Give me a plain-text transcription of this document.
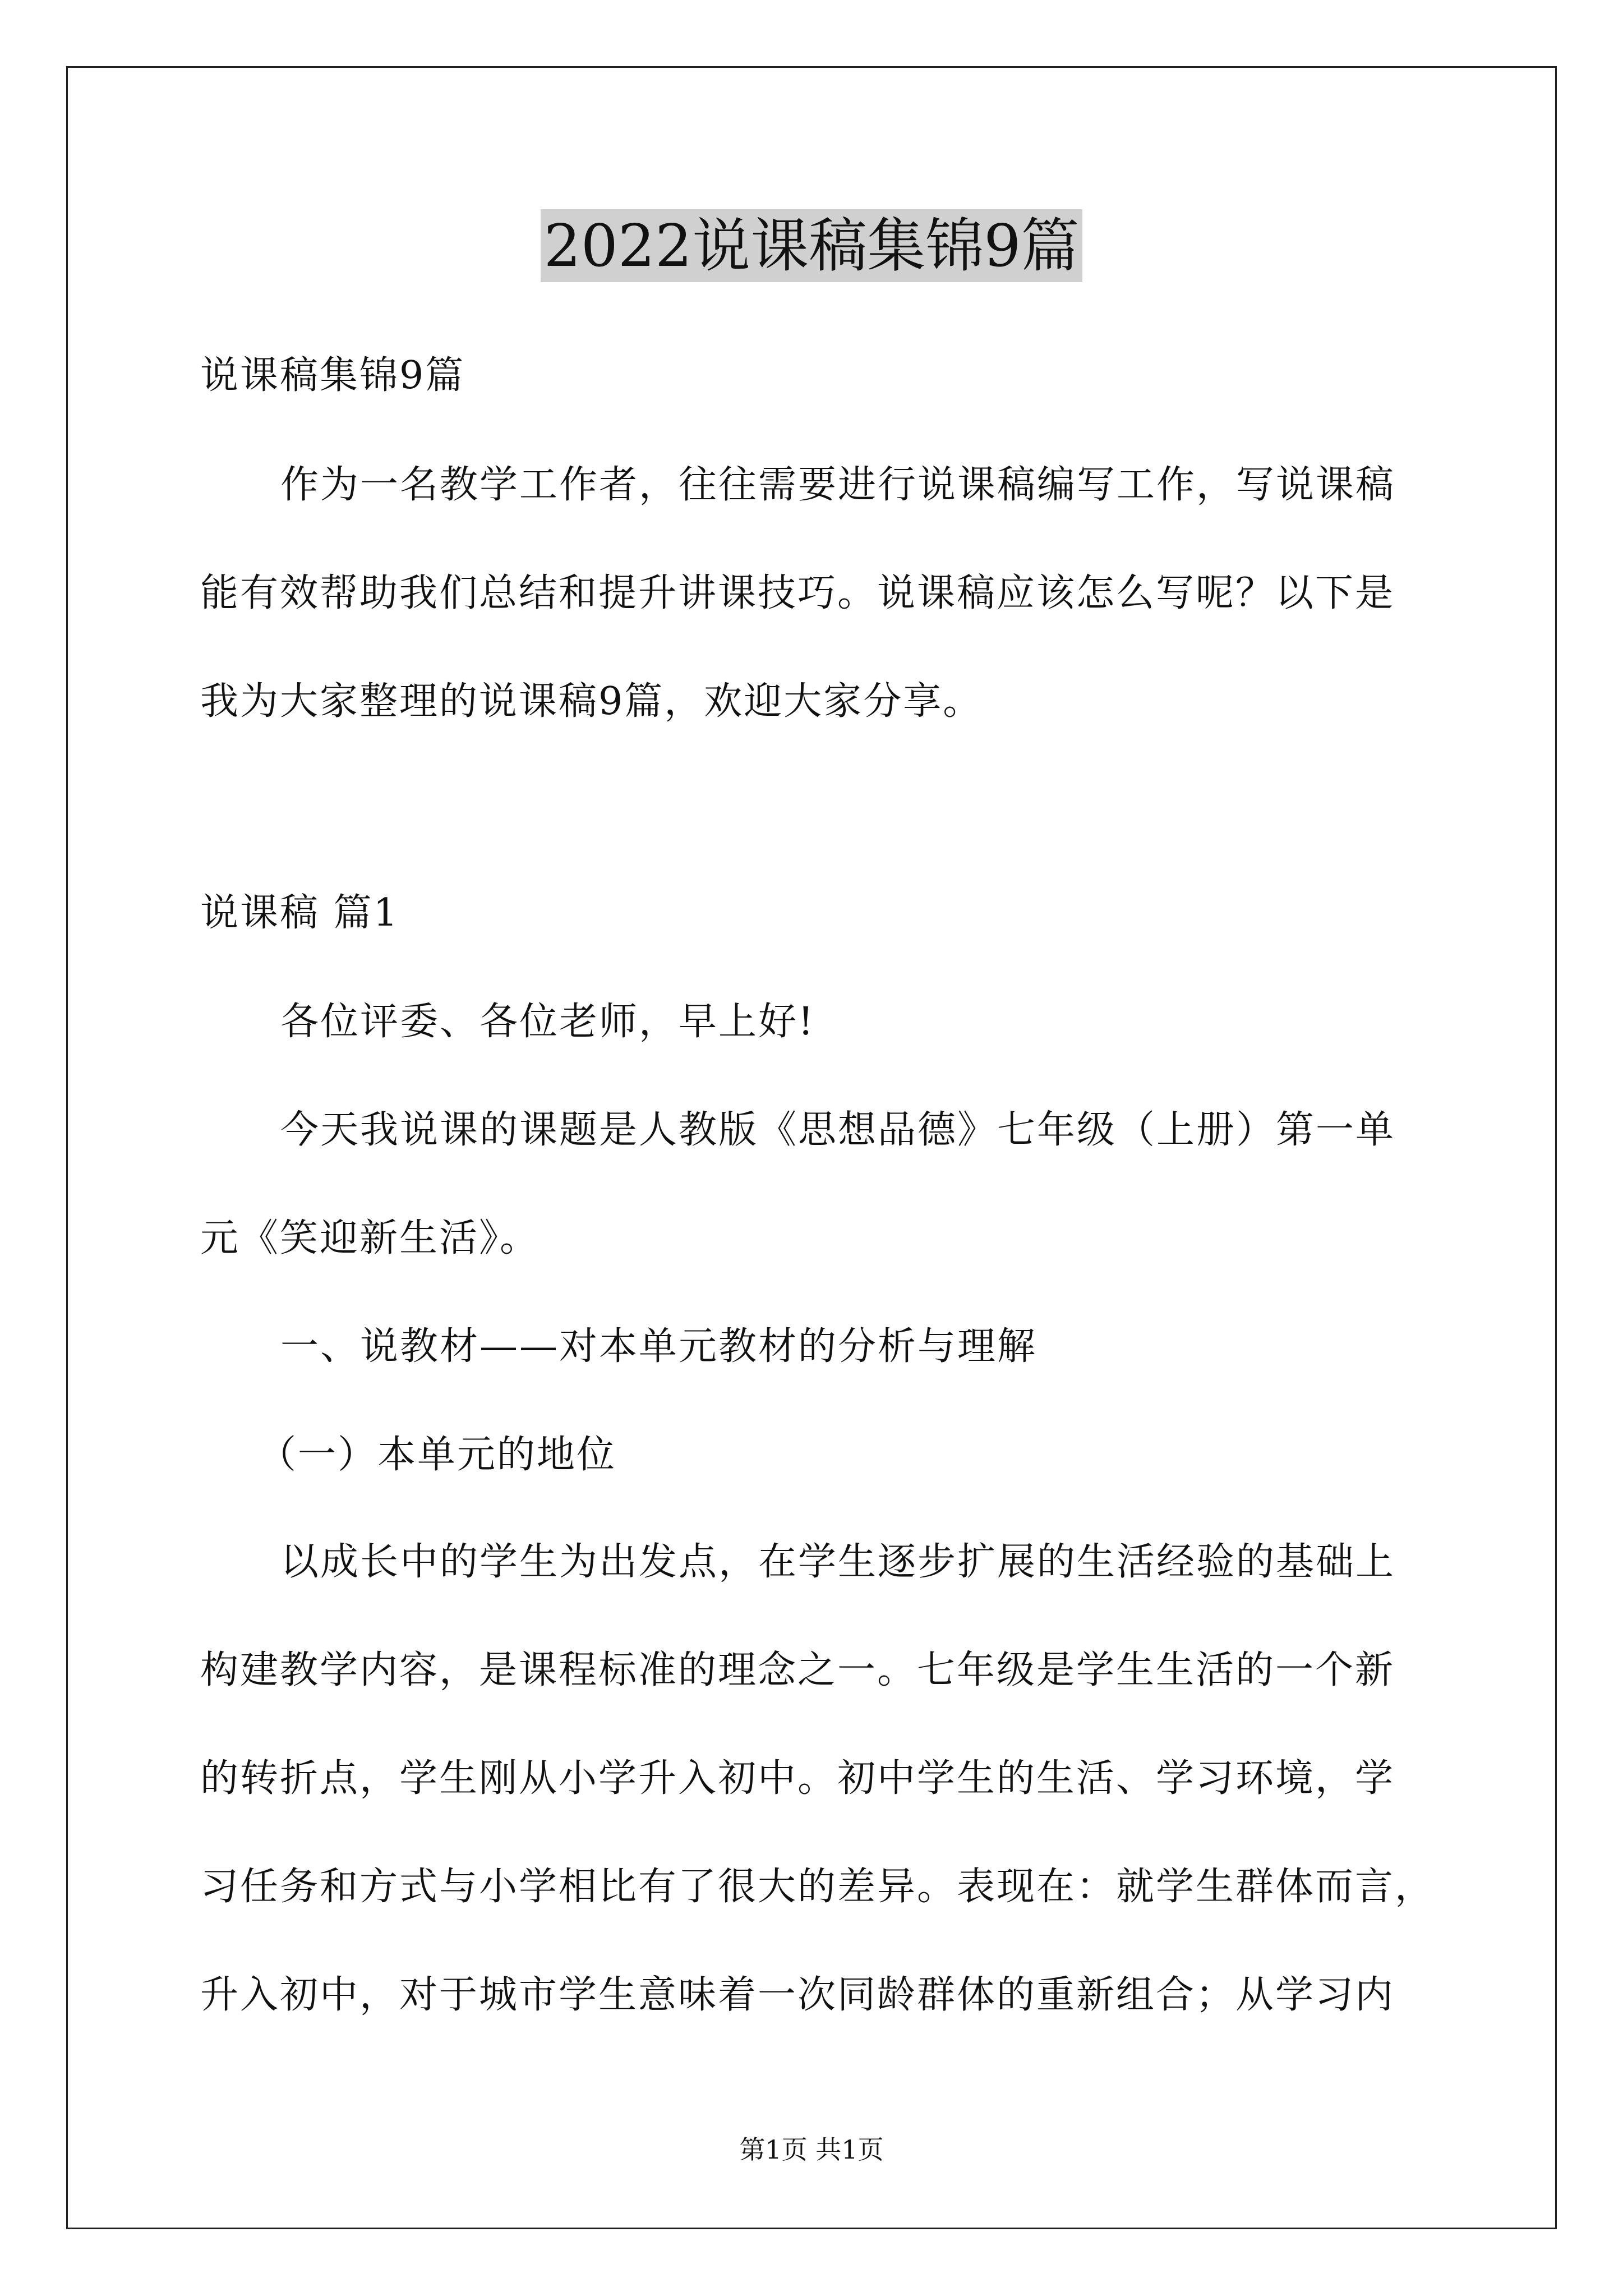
2022说课稿集锦9篇

说课稿集锦9篇

作为一名教学工作者，往往需要进行说课稿编写工作，写说课稿

能有效帮助我们总结和提升讲课技巧。说课稿应该怎么写呢？以下是

我为大家整理的说课稿9篇，欢迎大家分享。

说课稿 篇1

各位评委、各位老师，早上好!

今天我说课的课题是人教版《思想品德》七年级（上册）第一单

元《笑迎新生活》。

一、说教材——对本单元教材的分析与理解

（一）本单元的地位

以成长中的学生为出发点，在学生逐步扩展的生活经验的基础上

构建教学内容，是课程标准的理念之一。七年级是学生生活的一个新

的转折点，学生刚从小学升入初中。初中学生的生活、学习环境，学

习任务和方式与小学相比有了很大的差异。表现在：就学生群体而言，

升入初中，对于城市学生意味着一次同龄群体的重新组合；从学习内

第1页 共1页
